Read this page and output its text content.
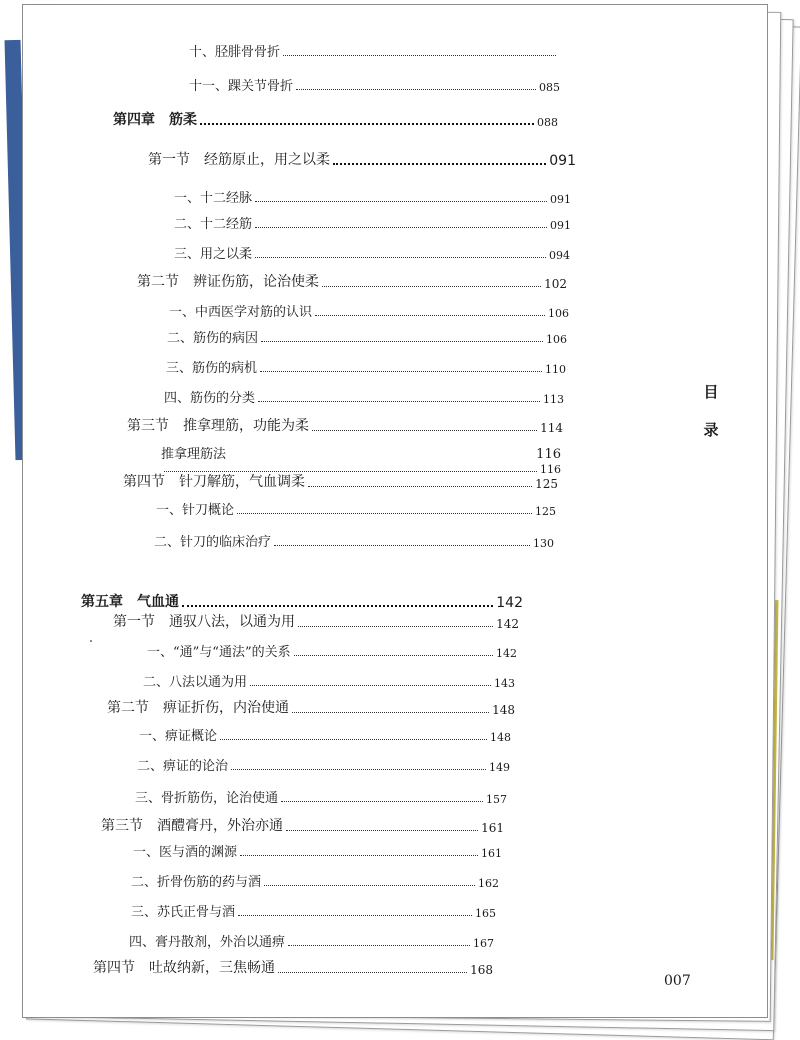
十、胫腓骨骨折
十一、踝关节骨折	085
第四章　筋柔	088
第一节　经筋原止，用之以柔	091
一、十二经脉	091
二、十二经筋	091
三、用之以柔	094
第二节　辨证伤筋，论治使柔	102
一、中西医学对筋的认识	106
二、筋伤的病因	106
三、筋伤的病机	110
四、筋伤的分类	113
第三节　推拿理筋，功能为柔	114
推拿理筋法	116
116
第四节　针刀解筋，气血调柔	125
一、针刀概论	125
二、针刀的临床治疗	130
第五章　气血通	142
第一节　通驭八法，以通为用	142
一、“通”与“通法”的关系	142
二、八法以通为用	143
第二节　痹证折伤，内治使通	148
一、痹证概论	148
二、痹证的论治	149
三、骨折筋伤，论治使通	157
第三节　酒醴膏丹，外治亦通	161
一、医与酒的渊源	161
二、折骨伤筋的药与酒	162
三、苏氏正骨与酒	165
四、膏丹散剂，外治以通痹	167
第四节　吐故纳新，三焦畅通	168
目录
007
